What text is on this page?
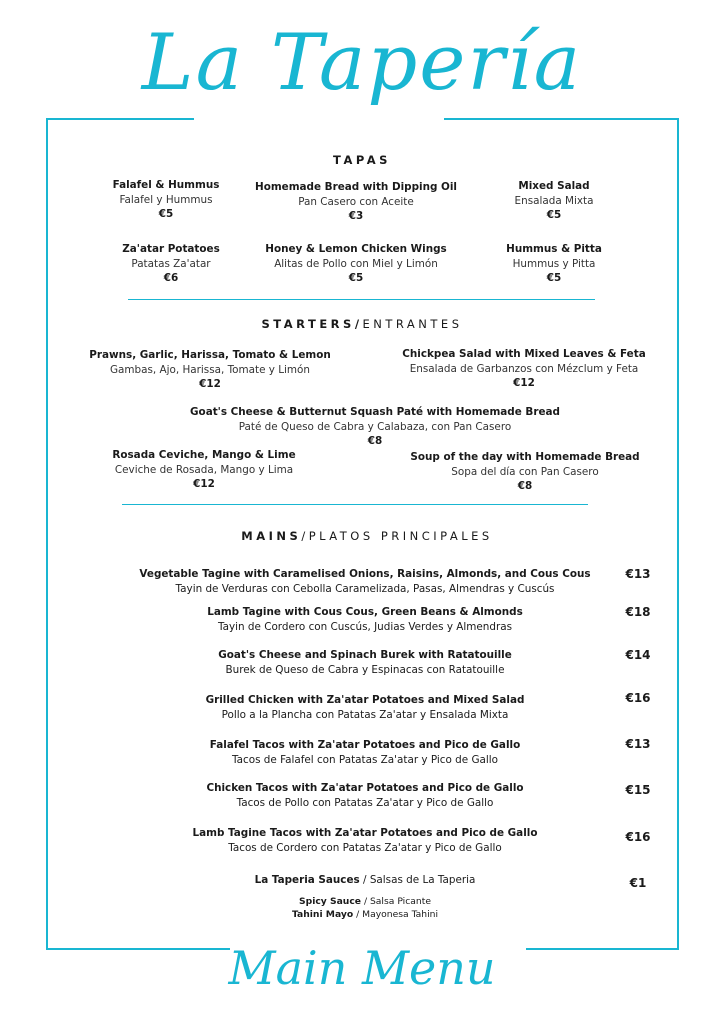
La Tapería
TAPAS
Falafel & Hummus
Falafel y Hummus
€5
Homemade Bread with Dipping Oil
Pan Casero con Aceite
€3
Mixed Salad
Ensalada Mixta
€5
Za'atar Potatoes
Patatas Za'atar
€6
Honey & Lemon Chicken Wings
Alitas de Pollo con Miel y Limón
€5
Hummus & Pitta
Hummus y Pitta
€5
STARTERS/ENTRANTES
Prawns, Garlic, Harissa, Tomato & Lemon
Gambas, Ajo, Harissa, Tomate y Limón
€12
Chickpea Salad with Mixed Leaves & Feta
Ensalada de Garbanzos con Mézclum y Feta
€12
Goat's Cheese & Butternut Squash Paté with Homemade Bread
Paté de Queso de Cabra y Calabaza, con Pan Casero
€8
Rosada Ceviche, Mango & Lime
Ceviche de Rosada, Mango y Lima
€12
Soup of the day with Homemade Bread
Sopa del día con Pan Casero
€8
MAINS/PLATOS PRINCIPALES
Vegetable Tagine with Caramelised Onions, Raisins, Almonds, and Cous Cous
Tayin de Verduras con Cebolla Caramelizada, Pasas, Almendras y Cuscús
€13
Lamb Tagine with Cous Cous, Green Beans & Almonds
Tayin de Cordero con Cuscús, Judias Verdes y Almendras
€18
Goat's Cheese and Spinach Burek with Ratatouille
Burek de Queso de Cabra y Espinacas con Ratatouille
€14
Grilled Chicken with Za'atar Potatoes and Mixed Salad
Pollo a la Plancha con Patatas Za'atar y Ensalada Mixta
€16
Falafel Tacos with Za'atar Potatoes and Pico de Gallo
Tacos de Falafel con Patatas Za'atar y Pico de Gallo
€13
Chicken Tacos with Za'atar Potatoes and Pico de Gallo
Tacos de Pollo con Patatas Za'atar y Pico de Gallo
€15
Lamb Tagine Tacos with Za'atar Potatoes and Pico de Gallo
Tacos de Cordero con Patatas Za'atar y Pico de Gallo
€16
La Taperia Sauces / Salsas de La Taperia	€1
Spicy Sauce / Salsa Picante
Tahini Mayo / Mayonesa Tahini
Main Menu
